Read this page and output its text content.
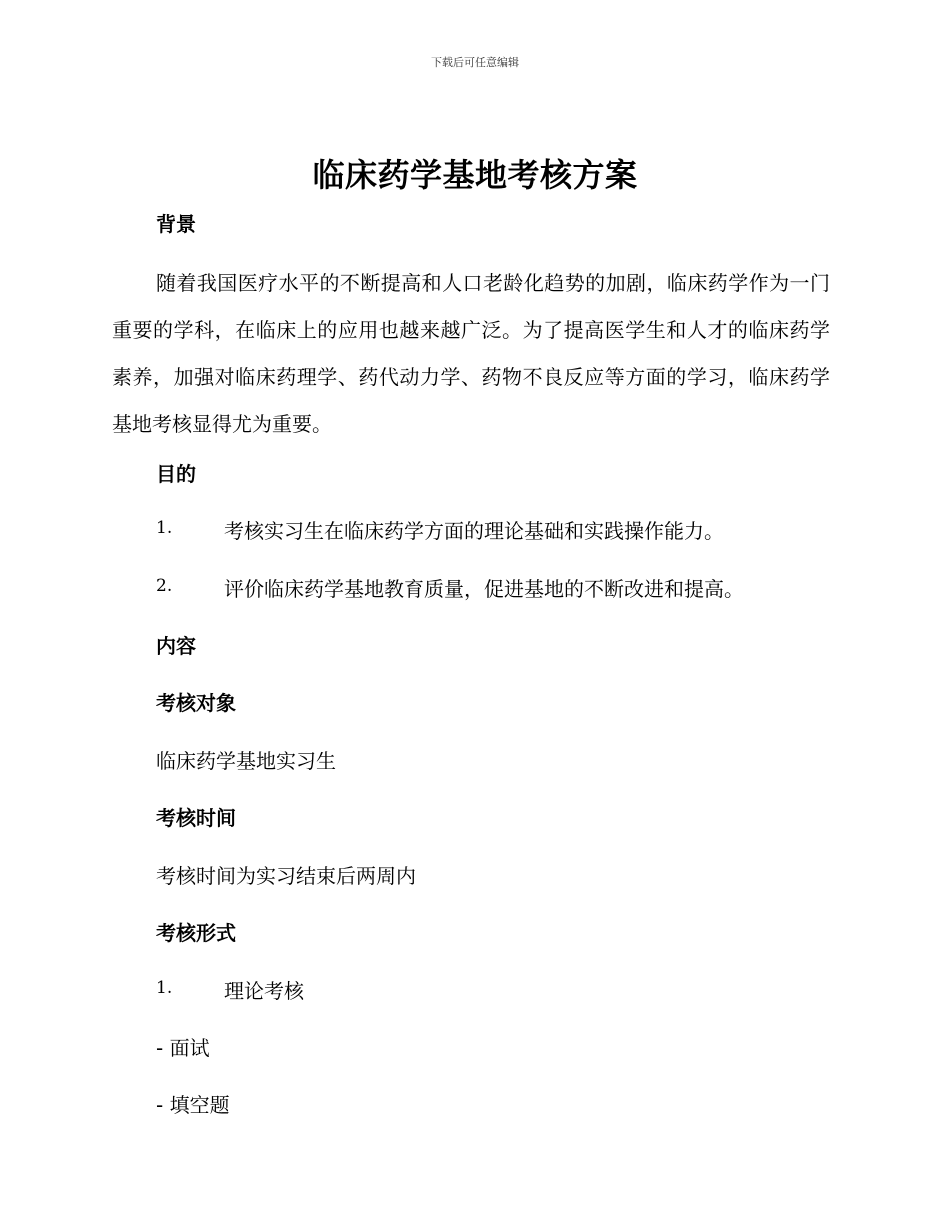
下载后可任意编辑
临床药学基地考核方案
背景
随着我国医疗水平的不断提高和人口老龄化趋势的加剧，临床药学作为一门重要的学科，在临床上的应用也越来越广泛。为了提高医学生和人才的临床药学素养，加强对临床药理学、药代动力学、药物不良反应等方面的学习，临床药学基地考核显得尤为重要。
目的
1.	考核实习生在临床药学方面的理论基础和实践操作能力。
2.	评价临床药学基地教育质量，促进基地的不断改进和提高。
内容
考核对象
临床药学基地实习生
考核时间
考核时间为实习结束后两周内
考核形式
1.	理论考核
- 面试
- 填空题
